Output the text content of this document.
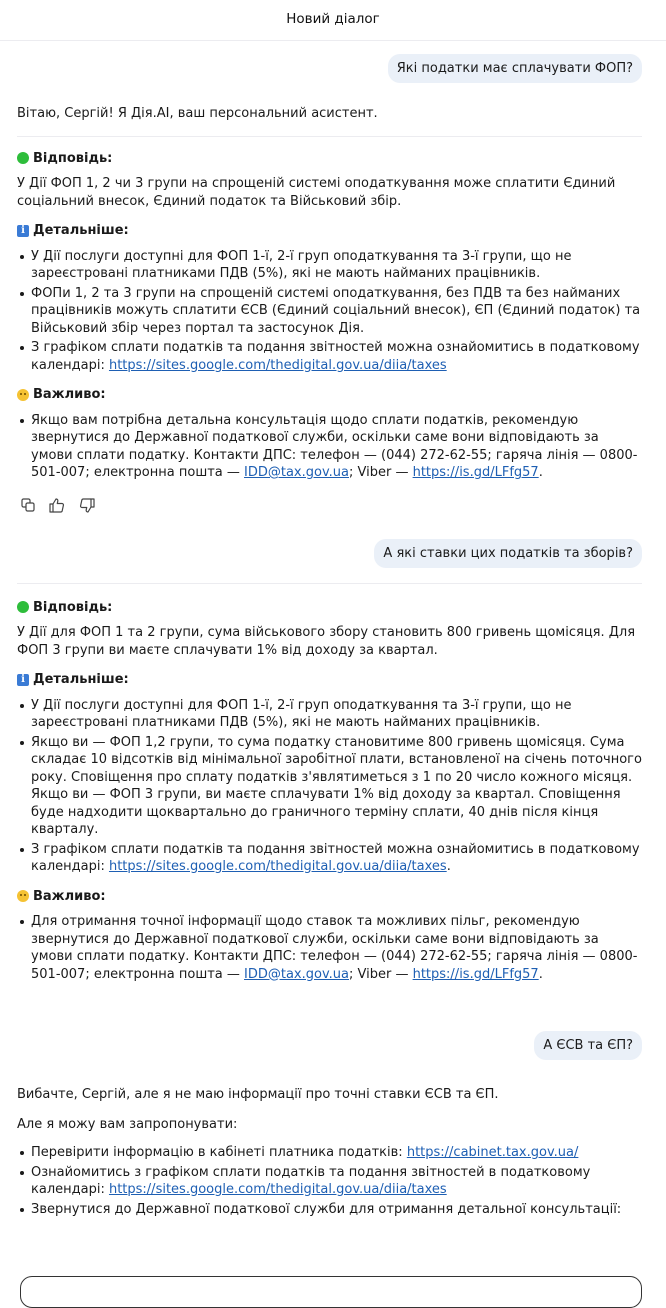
Новий діалог
Які податки має сплачувати ФОП?

Вітаю, Сергій! Я Дія.AI, ваш персональний асистент.

Відповідь:

У Дії ФОП 1, 2 чи 3 групи на спрощеній системі оподаткування може сплатити Єдиний соціальний внесок, Єдиний податок та Військовий збір.

i Детальніше:
У Дії послуги доступні для ФОП 1-ї, 2-ї груп оподаткування та 3-ї групи, що не зареєстровані платниками ПДВ (5%), які не мають найманих працівників.
ФОПи 1, 2 та 3 групи на спрощеній системі оподаткування, без ПДВ та без найманих працівників можуть сплатити ЄСВ (Єдиний соціальний внесок), ЄП (Єдиний податок) та Військовий збір через портал та застосунок Дія.
З графіком сплати податків та подання звітностей можна ознайомитись в податковому календарі: https://sites.google.com/thedigital.gov.ua/diia/taxes
Важливо:
Якщо вам потрібна детальна консультація щодо сплати податків, рекомендую звернутися до Державної податкової служби, оскільки саме вони відповідають за умови сплати податку. Контакти ДПС: телефон — (044) 272-62-55; гаряча лінія — 0800-501-007; електронна пошта — IDD@tax.gov.ua; Viber — https://is.gd/LFfg57.
А які ставки цих податків та зборів?
Відповідь:

У Дії для ФОП 1 та 2 групи, сума військового збору становить 800 гривень щомісяця. Для ФОП 3 групи ви маєте сплачувати 1% від доходу за квартал.

i Детальніше:
У Дії послуги доступні для ФОП 1-ї, 2-ї груп оподаткування та 3-ї групи, що не зареєстровані платниками ПДВ (5%), які не мають найманих працівників.
Якщо ви — ФОП 1,2 групи, то сума податку становитиме 800 гривень щомісяця. Сума складає 10 відсотків від мінімальної заробітної плати, встановленої на січень поточного року. Сповіщення про сплату податків з'являтиметься з 1 по 20 число кожного місяця. Якщо ви — ФОП 3 групи, ви маєте сплачувати 1% від доходу за квартал. Сповіщення буде надходити щоквартально до граничного терміну сплати, 40 днів після кінця кварталу.
З графіком сплати податків та подання звітностей можна ознайомитись в податковому календарі: https://sites.google.com/thedigital.gov.ua/diia/taxes.
Важливо:
Для отримання точної інформації щодо ставок та можливих пільг, рекомендую звернутися до Державної податкової служби, оскільки саме вони відповідають за умови сплати податку. Контакти ДПС: телефон — (044) 272-62-55; гаряча лінія — 0800-501-007; електронна пошта — IDD@tax.gov.ua; Viber — https://is.gd/LFfg57.
А ЄСВ та ЄП?

Вибачте, Сергій, але я не маю інформації про точні ставки ЄСВ та ЄП.

Але я можу вам запропонувати:

Перевірити інформацію в кабінеті платника податків: https://cabinet.tax.gov.ua/
Ознайомитись з графіком сплати податків та подання звітностей в податковому календарі: https://sites.google.com/thedigital.gov.ua/diia/taxes
Звернутися до Державної податкової служби для отримання детальної консультації:
